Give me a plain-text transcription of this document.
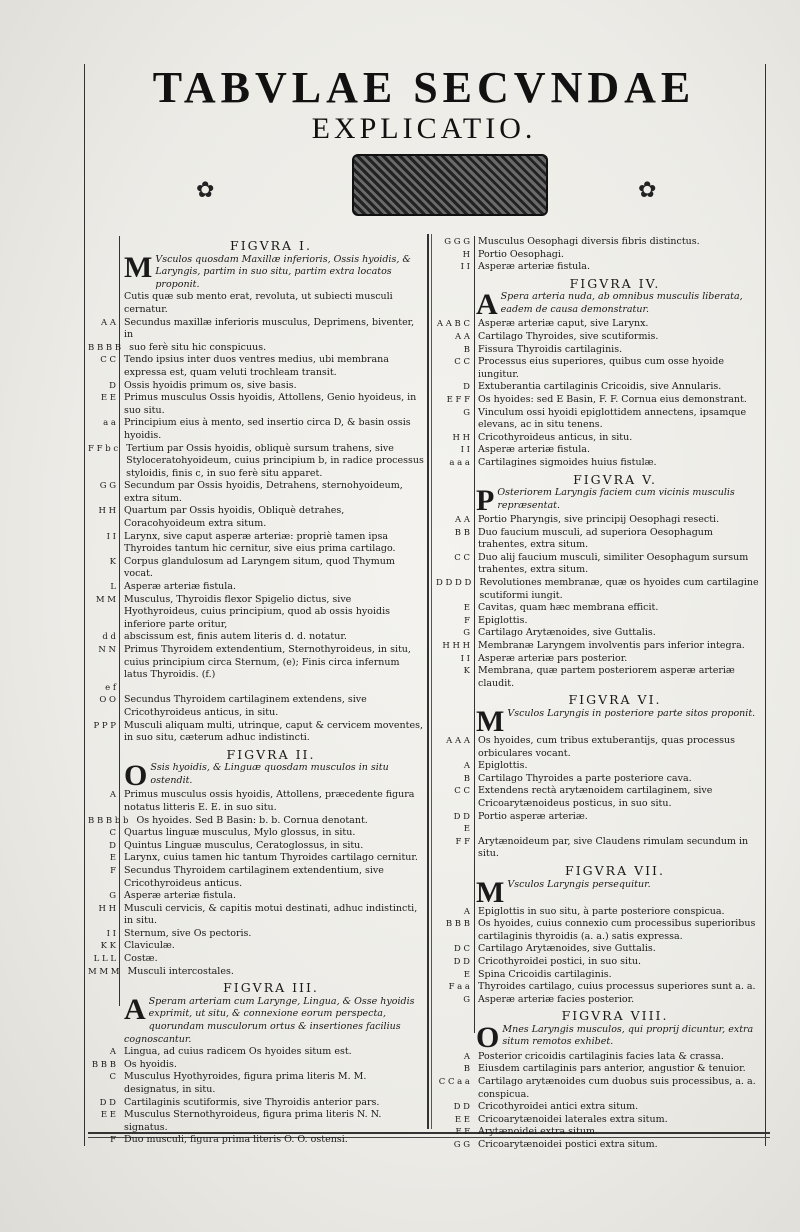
TABVLAE SECVNDAE
EXPLICATIO.
✿	✿
FIGVRA I.
M Vsculos quosdam Maxillæ inferioris, Ossis hyoidis, & Laryngis, partim in suo situ, partim extra locatos proponit.
Cutis quæ sub mento erat, revoluta, ut subiecti musculi cernatur.
A A Secundus maxillæ inferioris musculus, Deprimens, biventer, in
B B B B suo ferè situ hic conspicuus.
C C Tendo ipsius inter duos ventres medius, ubi membrana expressa est, quam veluti trochleam transit.
D Ossis hyoidis primum os, sive basis.
E E Primus musculus Ossis hyoidis, Attollens, Genio hyoideus, in suo situ.
a a Principium eius à mento, sed insertio circa D, & basin ossis hyoidis.
F F b c Tertium par Ossis hyoidis, obliquè sursum trahens, sive Styloceratohyoideum, cuius principium b, in radice processus styloidis, finis c, in suo ferè situ apparet.
G G Secundum par Ossis hyoidis, Detrahens, sternohyoideum, extra situm.
H H Quartum par Ossis hyoidis, Obliquè detrahes, Coracohyoideum extra situm.
I I Larynx, sive caput asperæ arteriæ: propriè tamen ipsa Thyroides tantum hic cernitur, sive eius prima cartilago.
K Corpus glandulosum ad Laryngem situm, quod Thymum vocat.
L Asperæ arteriæ fistula.
M M Musculus, Thyroidis flexor Spigelio dictus, sive Hyothyroideus, cuius principium, quod ab ossis hyoidis inferiore parte oritur,
d d abscissum est, finis autem literis d. d. notatur.
N N Primus Thyroidem extendentium, Sternothyroideus, in situ, cuius principium circa Sternum, (e); Finis circa infernum latus Thyroidis. (f.)
e f
O O Secundus Thyroidem cartilaginem extendens, sive Cricothyroideus anticus, in situ.
P P P Musculi aliquam multi, utrinque, caput & cervicem moventes, in suo situ, cæterum adhuc indistincti.
FIGVRA II.
O Ssis hyoidis, & Linguæ quosdam musculos in situ ostendit.
A Primus musculus ossis hyoidis, Attollens, præcedente figura notatus litteris E. E. in suo situ.
B B B b b Os hyoides. Sed B Basin: b. b. Cornua denotant.
C Quartus linguæ musculus, Mylo glossus, in situ.
D Quintus Linguæ musculus, Ceratoglossus, in situ.
E Larynx, cuius tamen hic tantum Thyroides cartilago cernitur.
F Secundus Thyroidem cartilaginem extendentium, sive Cricothyroideus anticus.
G Asperæ arteriæ fistula.
H H Musculi cervicis, & capitis motui destinati, adhuc indistincti, in situ.
I I Sternum, sive Os pectoris.
K K Claviculæ.
L L L Costæ.
M M M Musculi intercostales.
FIGVRA III.
A Speram arteriam cum Larynge, Lingua, & Osse hyoidis exprimit, ut situ, & connexione eorum perspecta, quorundam musculorum ortus & insertiones facilius cognoscantur.
A Lingua, ad cuius radicem Os hyoides situm est.
B B B Os hyoidis.
C Musculus Hyothyroides, figura prima literis M. M. designatus, in situ.
D D Cartilaginis scutiformis, sive Thyroidis anterior pars.
E E Musculus Sternothyroideus, figura prima literis N. N. signatus.
F Duo musculi, figura prima literis O. O. ostensi.
G G G Musculus Oesophagi diversis fibris distinctus.
H Portio Oesophagi.
I I Asperæ arteriæ fistula.
FIGVRA IV.
A Spera arteria nuda, ab omnibus musculis liberata, eadem de causa demonstratur.
A A B C Asperæ arteriæ caput, sive Larynx.
A A Cartilago Thyroides, sive scutiformis.
B Fissura Thyroidis cartilaginis.
C C Processus eius superiores, quibus cum osse hyoide iungitur.
D Extuberantia cartilaginis Cricoidis, sive Annularis.
E F F Os hyoides: sed E Basin, F. F. Cornua eius demonstrant.
G Vinculum ossi hyoidi epiglottidem annectens, ipsamque elevans, ac in situ tenens.
H H Cricothyroideus anticus, in situ.
I I Asperæ arteriæ fistula.
a a a Cartilagines sigmoides huius fistulæ.
FIGVRA V.
P Osteriorem Laryngis faciem cum vicinis musculis repræsentat.
A A Portio Pharyngis, sive principij Oesophagi resecti.
B B Duo faucium musculi, ad superiora Oesophagum trahentes, extra situm.
C C Duo alij faucium musculi, similiter Oesophagum sursum trahentes, extra situm.
D D D D Revolutiones membranæ, quæ os hyoides cum cartilagine scutiformi iungit.
E Cavitas, quam hæc membrana efficit.
F Epiglottis.
G Cartilago Arytænoides, sive Guttalis.
H H H Membranæ Laryngem involventis pars inferior integra.
I I Asperæ arteriæ pars posterior.
K Membrana, quæ partem posteriorem asperæ arteriæ claudit.
FIGVRA VI.
M Vsculos Laryngis in posteriore parte sitos proponit.
A A A Os hyoides, cum tribus extuberantijs, quas processus orbiculares vocant.
A Epiglottis.
B Cartilago Thyroides a parte posteriore cava.
C C Extendens rectà arytænoidem cartilaginem, sive Cricoarytænoideus posticus, in suo situ.
D D Portio asperæ arteriæ.
E
F F Arytænoideum par, sive Claudens rimulam secundum in situ.
FIGVRA VII.
M Vsculos Laryngis persequitur.
A Epiglottis in suo situ, à parte posteriore conspicua.
B B B Os hyoides, cuius connexio cum processibus superioribus cartilaginis thyroidis (a. a.) satis expressa.
D C Cartilago Arytænoides, sive Guttalis.
D D Cricothyroidei postici, in suo situ.
E Spina Cricoidis cartilaginis.
F a a Thyroides cartilago, cuius processus superiores sunt a. a.
G Asperæ arteriæ facies posterior.
FIGVRA VIII.
O Mnes Laryngis musculos, qui proprij dicuntur, extra situm remotos exhibet.
A Posterior cricoidis cartilaginis facies lata & crassa.
B Eiusdem cartilaginis pars anterior, angustior & tenuior.
C C a a Cartilago arytænoides cum duobus suis processibus, a. a. conspicua.
D D Cricothyroidei antici extra situm.
E E Cricoarytænoidei laterales extra situm.
F F Arytænoidei extra situm.
G G Cricoarytænoidei postici extra situm.
